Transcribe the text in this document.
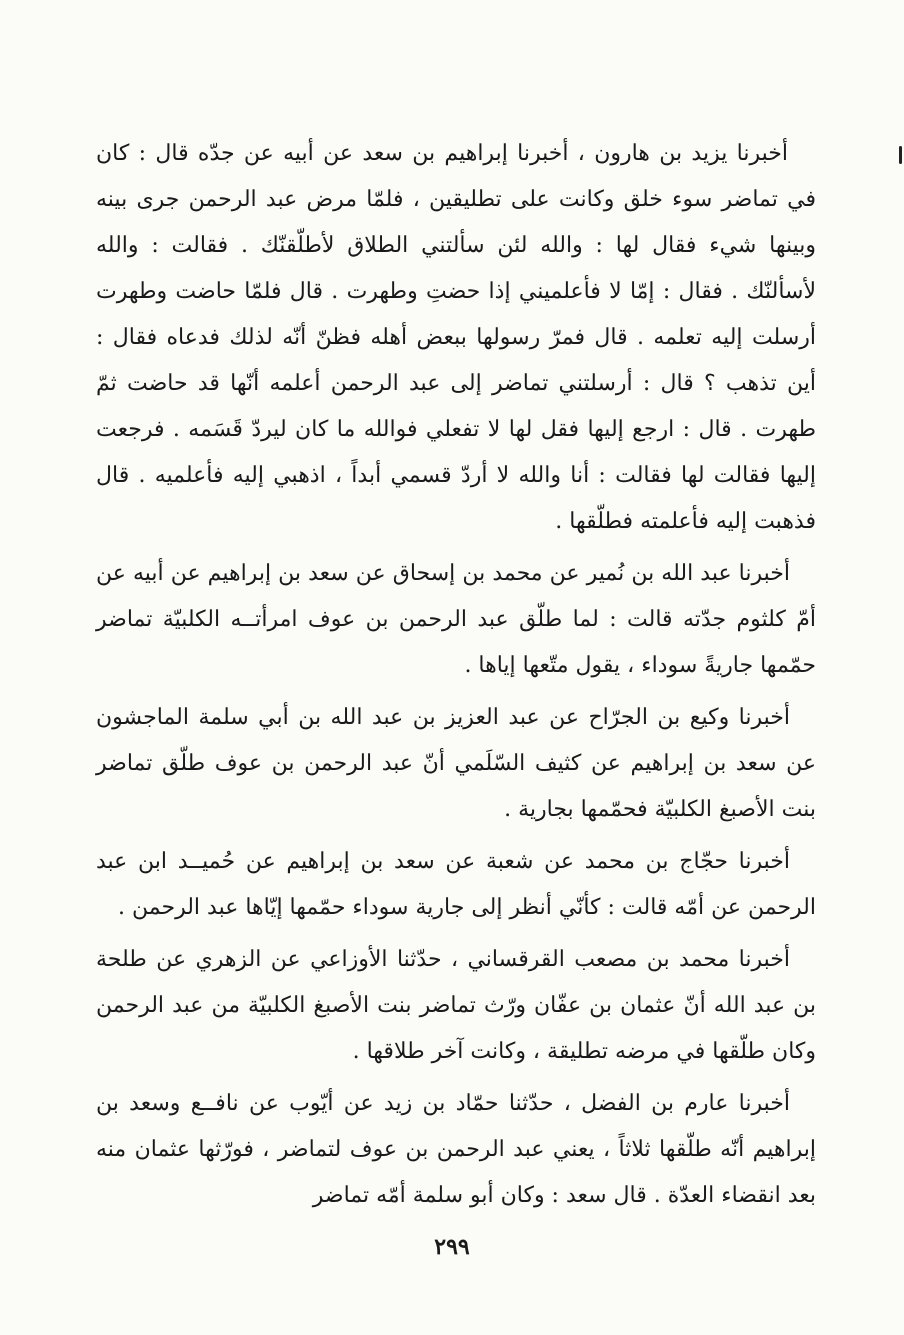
أخبرنا يزيد بن هارون ، أخبرنا إبراهيم بن سعد عن أبيه عن جدّه قال : كان في تماضر سوء خلق وكانت على تطليقين ، فلمّا مرض عبد الرحمن جرى بينه وبينها شيء فقال لها : والله لئن سألتني الطلاق لأطلّقنّك . فقالت : والله لأسألنّك . فقال : إمّا لا فأعلميني إذا حضتِ وطهرت . قال فلمّا حاضت وطهرت أرسلت إليه تعلمه . قال فمرّ رسولها ببعض أهله فظنّ أنّه لذلك فدعاه فقال : أين تذهب ؟ قال : أرسلتني تماضر إلى عبد الرحمن أعلمه أنّها قد حاضت ثمّ طهرت . قال : ارجع إليها فقل لها لا تفعلي فوالله ما كان ليردّ قَسَمه . فرجعت إليها فقالت لها فقالت : أنا والله لا أردّ قسمي أبداً ، اذهبي إليه فأعلميه . قال فذهبت إليه فأعلمته فطلّقها .

أخبرنا عبد الله بن نُمير عن محمد بن إسحاق عن سعد بن إبراهيم عن أبيه عن أمّ كلثوم جدّته قالت : لما طلّق عبد الرحمن بن عوف امرأتــه الكلبيّة تماضر حمّمها جاريةً سوداء ، يقول متّعها إياها .

أخبرنا وكيع بن الجرّاح عن عبد العزيز بن عبد الله بن أبي سلمة الماجشون عن سعد بن إبراهيم عن كثيف السّلَمي أنّ عبد الرحمن بن عوف طلّق تماضر بنت الأصبغ الكلبيّة فحمّمها بجارية .

أخبرنا حجّاج بن محمد عن شعبة عن سعد بن إبراهيم عن حُميــد ابن عبد الرحمن عن أمّه قالت : كأنّي أنظر إلى جارية سوداء حمّمها إيّاها عبد الرحمن .

أخبرنا محمد بن مصعب القرقساني ، حدّثنا الأوزاعي عن الزهري عن طلحة بن عبد الله أنّ عثمان بن عفّان ورّث تماضر بنت الأصبغ الكلبيّة من عبد الرحمن وكان طلّقها في مرضه تطليقة ، وكانت آخر طلاقها .

أخبرنا عارم بن الفضل ، حدّثنا حمّاد بن زيد عن أيّوب عن نافــع وسعد بن إبراهيم أنّه طلّقها ثلاثاً ، يعني عبد الرحمن بن عوف لتماضر ، فورّثها عثمان منه بعد انقضاء العدّة . قال سعد : وكان أبو سلمة أمّه تماضر

٢٩٩
